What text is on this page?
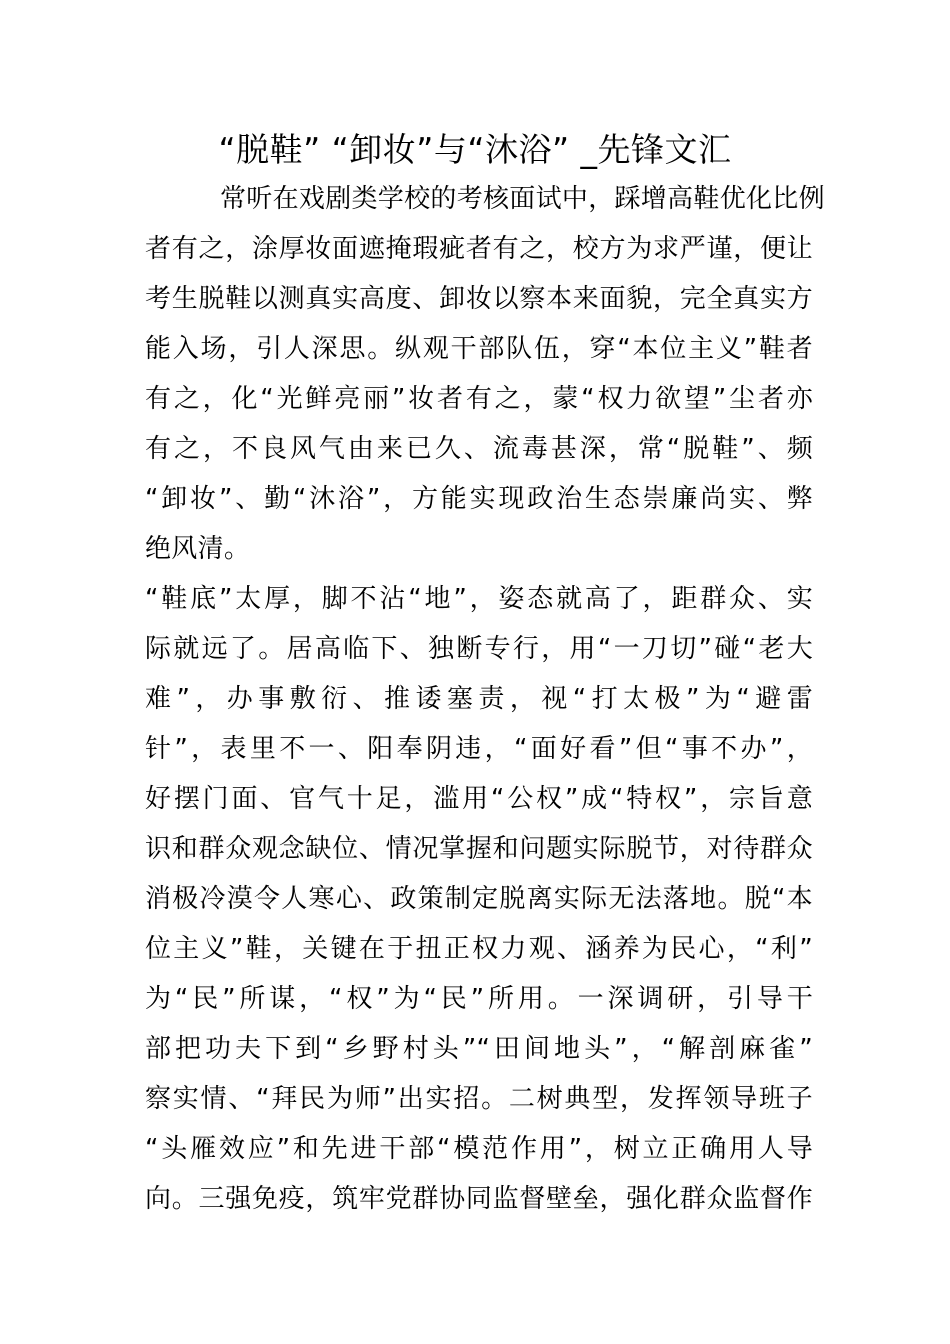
“脱鞋” “卸妆”与“沐浴” _先锋文汇
常听在戏剧类学校的考核面试中，踩增高鞋优化比例
者有之，涂厚妆面遮掩瑕疵者有之，校方为求严谨，便让
考生脱鞋以测真实高度、卸妆以察本来面貌，完全真实方
能入场，引人深思。纵观干部队伍，穿“本位主义”鞋者
有之，化“光鲜亮丽”妆者有之，蒙“权力欲望”尘者亦
有之，不良风气由来已久、流毒甚深，常“脱鞋”、频
“卸妆”、勤“沐浴”，方能实现政治生态崇廉尚实、弊
绝风清。
“鞋底”太厚，脚不沾“地”，姿态就高了，距群众、实
际就远了。居高临下、独断专行，用“一刀切”碰“老大
难”，办事敷衍、推诿塞责，视“打太极”为“避雷
针”，表里不一、阳奉阴违，“面好看”但“事不办”，
好摆门面、官气十足，滥用“公权”成“特权”，宗旨意
识和群众观念缺位、情况掌握和问题实际脱节，对待群众
消极冷漠令人寒心、政策制定脱离实际无法落地。脱“本
位主义”鞋，关键在于扭正权力观、涵养为民心，“利”
为“民”所谋，“权”为“民”所用。一深调研，引导干
部把功夫下到“乡野村头”“田间地头”，“解剖麻雀”
察实情、“拜民为师”出实招。二树典型，发挥领导班子
“头雁效应”和先进干部“模范作用”，树立正确用人导
向。三强免疫，筑牢党群协同监督壁垒，强化群众监督作
